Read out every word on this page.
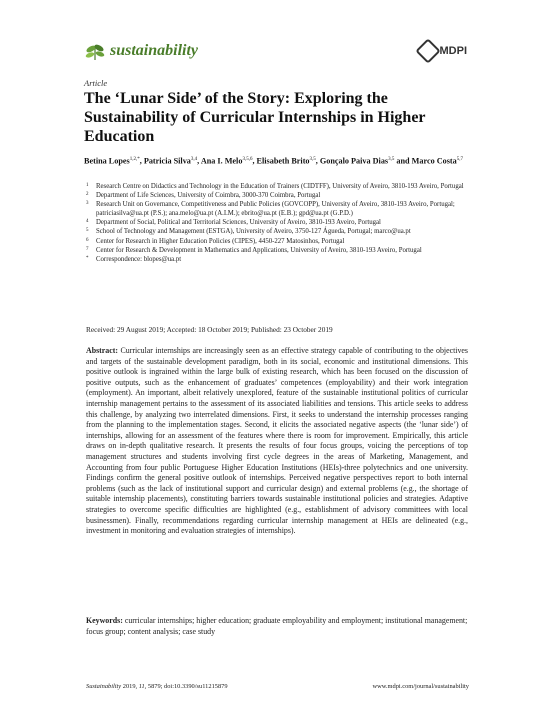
sustainability	MDPI
Article
The ‘Lunar Side’ of the Story: Exploring the Sustainability of Curricular Internships in Higher Education
Betina Lopes$^{1,2,*}$, Patricia Silva$^{3,4}$, Ana I. Melo$^{3,5,6}$, Elisabeth Brito$^{3,5}$, Gonçalo Paiva Dias$^{3,5}$ and Marco Costa$^{5,7}$
1	Research Centre on Didactics and Technology in the Education of Trainers (CIDTFF), University of Aveiro, 3810-193 Aveiro, Portugal
2	Department of Life Sciences, University of Coimbra, 3000-370 Coimbra, Portugal
3	Research Unit on Governance, Competitiveness and Public Policies (GOVCOPP), University of Aveiro, 3810-193 Aveiro, Portugal; patriciasilva@ua.pt (P.S.); ana.melo@ua.pt (A.I.M.); ebrito@ua.pt (E.B.); gpd@ua.pt (G.P.D.)
4	Department of Social, Political and Territorial Sciences, University of Aveiro, 3810-193 Aveiro, Portugal
5	School of Technology and Management (ESTGA), University of Aveiro, 3750-127 Águeda, Portugal; marco@ua.pt
6	Center for Research in Higher Education Policies (CIPES), 4450-227 Matosinhos, Portugal
7	Center for Research & Development in Mathematics and Applications, University of Aveiro, 3810-193 Aveiro, Portugal
*	Correspondence: blopes@ua.pt
Received: 29 August 2019; Accepted: 18 October 2019; Published: 23 October 2019

Abstract: Curricular internships are increasingly seen as an effective strategy capable of contributing to the objectives and targets of the sustainable development paradigm, both in its social, economic and institutional dimensions. This positive outlook is ingrained within the large bulk of existing research, which has been focused on the discussion of positive outputs, such as the enhancement of graduates’ competences (employability) and their work integration (employment). An important, albeit relatively unexplored, feature of the sustainable institutional politics of curricular internship management pertains to the assessment of its associated liabilities and tensions. This article seeks to address this challenge, by analyzing two interrelated dimensions. First, it seeks to understand the internship processes ranging from the planning to the implementation stages. Second, it elicits the associated negative aspects (the ‘lunar side’) of internships, allowing for an assessment of the features where there is room for improvement. Empirically, this article draws on in-depth qualitative research. It presents the results of four focus groups, voicing the perceptions of top management structures and students involving first cycle degrees in the areas of Marketing, Management, and Accounting from four public Portuguese Higher Education Institutions (HEIs)-three polytechnics and one university. Findings confirm the general positive outlook of internships. Perceived negative perspectives report to both internal problems (such as the lack of institutional support and curricular design) and external problems (e.g., the shortage of suitable internship placements), constituting barriers towards sustainable institutional policies and strategies. Adaptive strategies to overcome specific difficulties are highlighted (e.g., establishment of advisory committees with local businessmen). Finally, recommendations regarding curricular internship management at HEIs are delineated (e.g., investment in monitoring and evaluation strategies of internships).

Keywords: curricular internships; higher education; graduate employability and employment; institutional management; focus group; content analysis; case study

Sustainability 2019, 11, 5879; doi:10.3390/su11215879	www.mdpi.com/journal/sustainability
